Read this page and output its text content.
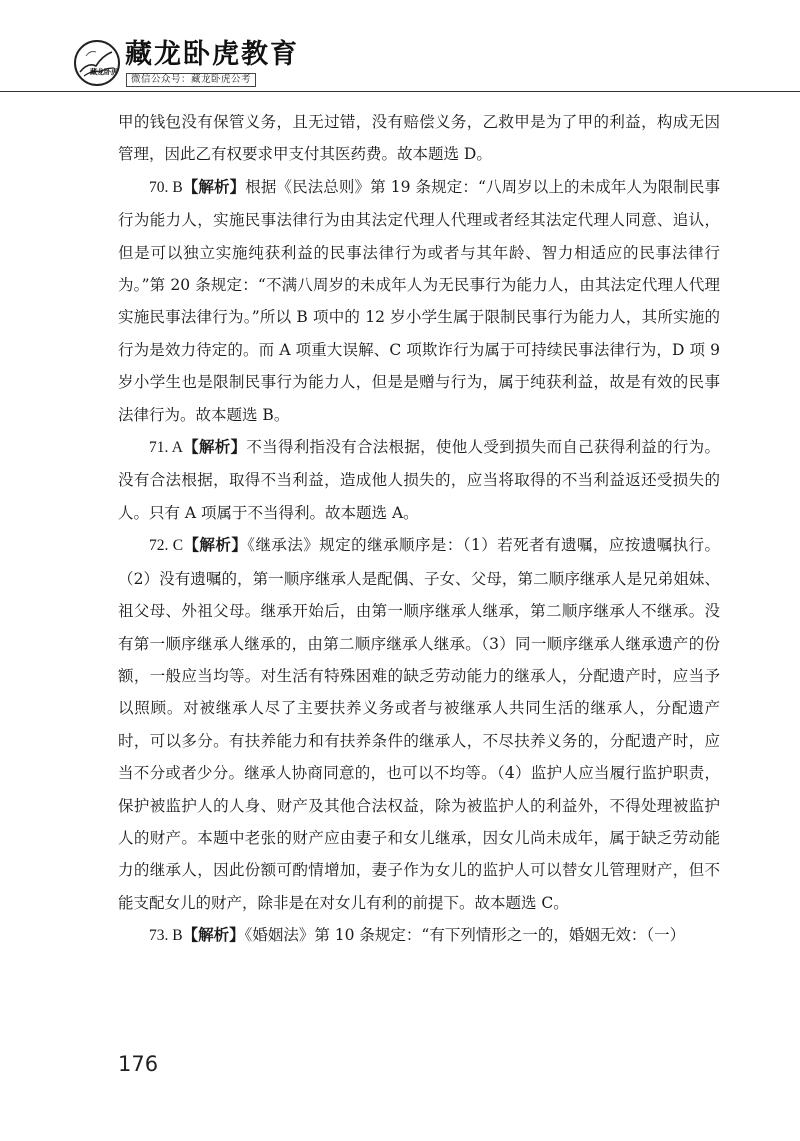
藏龙卧虎
藏龙卧虎教育
微信公众号：藏龙卧虎公考

甲的钱包没有保管义务，且无过错，没有赔偿义务，乙救甲是为了甲的利益，构成无因管理，因此乙有权要求甲支付其医药费。故本题选 D。

70. B【解析】根据《民法总则》第 19 条规定：“八周岁以上的未成年人为限制民事行为能力人，实施民事法律行为由其法定代理人代理或者经其法定代理人同意、追认，但是可以独立实施纯获利益的民事法律行为或者与其年龄、智力相适应的民事法律行为。”第 20 条规定：“不满八周岁的未成年人为无民事行为能力人，由其法定代理人代理实施民事法律行为。”所以 B 项中的 12 岁小学生属于限制民事行为能力人，其所实施的行为是效力待定的。而 A 项重大误解、C 项欺诈行为属于可持续民事法律行为，D 项 9 岁小学生也是限制民事行为能力人，但是是赠与行为，属于纯获利益，故是有效的民事法律行为。故本题选 B。

71. A【解析】不当得利指没有合法根据，使他人受到损失而自己获得利益的行为。没有合法根据，取得不当利益，造成他人损失的，应当将取得的不当利益返还受损失的人。只有 A 项属于不当得利。故本题选 A。

72. C【解析】《继承法》规定的继承顺序是：（1）若死者有遗嘱，应按遗嘱执行。（2）没有遗嘱的，第一顺序继承人是配偶、子女、父母，第二顺序继承人是兄弟姐妹、祖父母、外祖父母。继承开始后，由第一顺序继承人继承，第二顺序继承人不继承。没有第一顺序继承人继承的，由第二顺序继承人继承。（3）同一顺序继承人继承遗产的份额，一般应当均等。对生活有特殊困难的缺乏劳动能力的继承人，分配遗产时，应当予以照顾。对被继承人尽了主要扶养义务或者与被继承人共同生活的继承人，分配遗产时，可以多分。有扶养能力和有扶养条件的继承人，不尽扶养义务的，分配遗产时，应当不分或者少分。继承人协商同意的，也可以不均等。（4）监护人应当履行监护职责，保护被监护人的人身、财产及其他合法权益，除为被监护人的利益外，不得处理被监护人的财产。本题中老张的财产应由妻子和女儿继承，因女儿尚未成年，属于缺乏劳动能力的继承人，因此份额可酌情增加，妻子作为女儿的监护人可以替女儿管理财产，但不能支配女儿的财产，除非是在对女儿有利的前提下。故本题选 C。

73. B【解析】《婚姻法》第 10 条规定：“有下列情形之一的，婚姻无效：（一）

176
